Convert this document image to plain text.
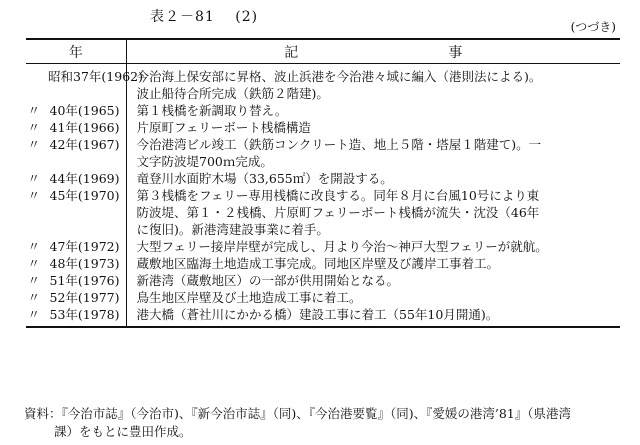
表２－81　 (2)
(つづき)
年	記 事
昭和37年(1962)	今治海上保安部に昇格、波止浜港を今治港々域に編入（港則法による)。
波止船待合所完成（鉄筋２階建)。

〃 40年(1965)	第１桟橋を新調取り替え。

〃 41年(1966)	片原町フェリーボート桟橋構造

〃 42年(1967)	今治港湾ビル竣工（鉄筋コンクリート造、地上５階・塔屋１階建て)。一
文字防波堤700ｍ完成。

〃 44年(1969)	竜登川水面貯木場（33,655㎡）を開設する。

〃 45年(1970)	第３桟橋をフェリー専用桟橋に改良する。同年８月に台風10号により東
防波堤、第１・２桟橋、片原町フェリーボート桟橋が流失・沈没（46年
に復旧)。新港湾建設事業に着手。

〃 47年(1972)	大型フェリー接岸岸壁が完成し、月より今治～神戸大型フェリーが就航。

〃 48年(1973)	蔵敷地区臨海土地造成工事完成。同地区岸壁及び護岸工事着工。

〃 51年(1976)	新港湾（蔵敷地区）の一部が供用開始となる。

〃 52年(1977)	鳥生地区岸壁及び土地造成工事に着工。

〃 53年(1978)	港大橋（蒼社川にかかる橋）建設工事に着工（55年10月開通)。
資料：『今治市誌』（今治市)、『新今治市誌』（同)、『今治港要覧』（同)、『愛媛の港湾’81』（県港湾
課）をもとに豊田作成。
